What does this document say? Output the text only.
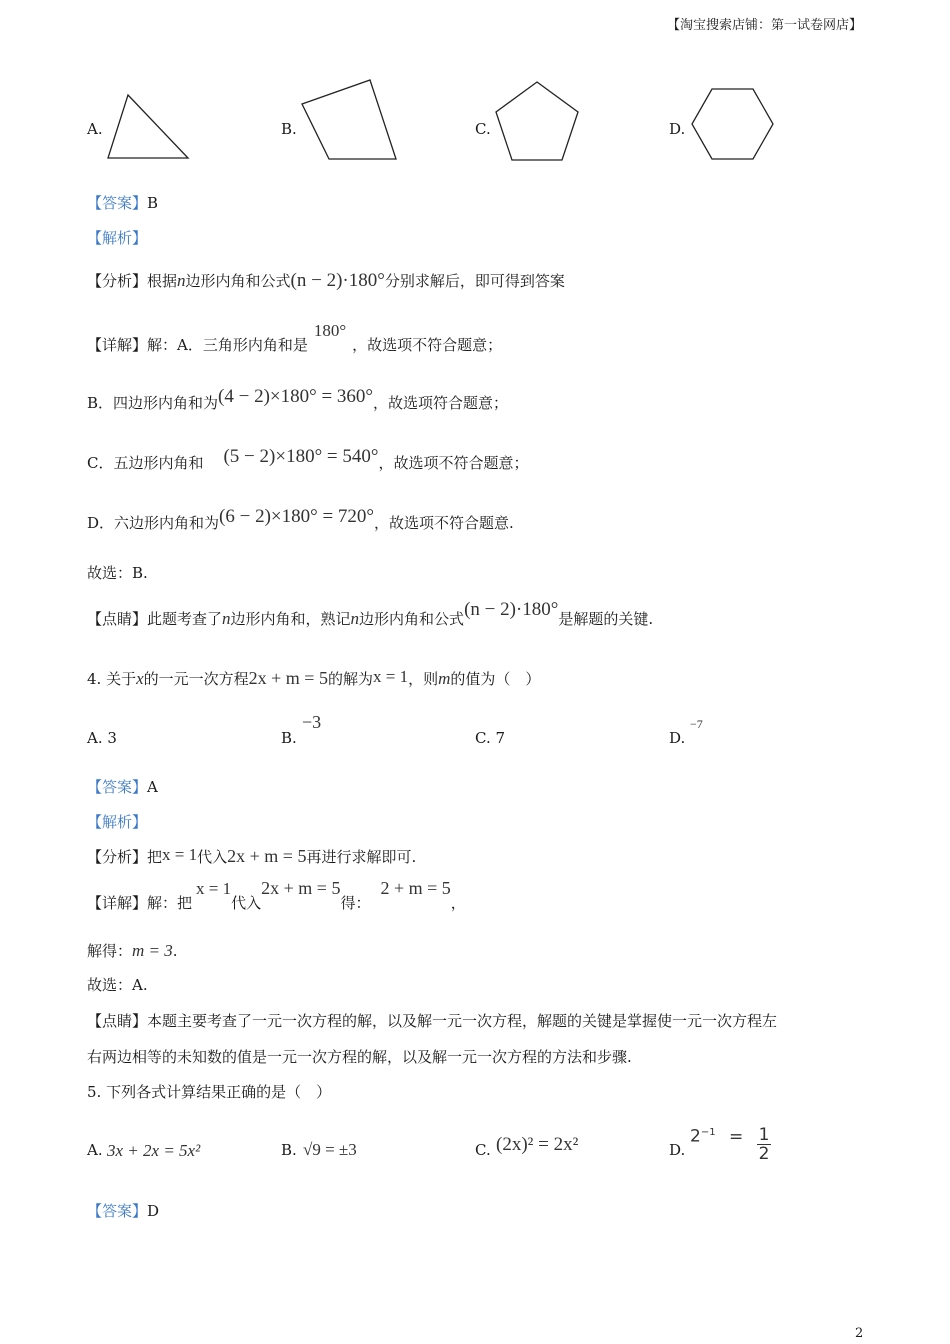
【淘宝搜索店铺：第一试卷网店】
A.	B.	C.	D.
【答案】B
【解析】
【分析】根据n边形内角和公式(n − 2)·180°分别求解后，即可得到答案
【详解】解：A．三角形内角和是180°，故选项不符合题意；
B．四边形内角和为(4 − 2)×180° = 360°，故选项符合题意；
C．五边形内角和 (5 − 2)×180° = 540°，故选项不符合题意；
D．六边形内角和为(6 − 2)×180° = 720°，故选项不符合题意.
故选：B.
【点睛】此题考查了n边形内角和，熟记n边形内角和公式(n − 2)·180°是解题的关键.
4. 关于x的一元一次方程2x + m = 5的解为x = 1，则m的值为（　）
A. 3	B.
−3
C. 7	D.
−7
【答案】A
【解析】
【分析】把x = 1代入2x + m = 5再进行求解即可.
【详解】解：把x = 1代入2x + m = 5得：2 + m = 5，
解得：m = 3.
故选：A.
【点睛】本题主要考查了一元一次方程的解，以及解一元一次方程，解题的关键是掌握使一元一次方程左
右两边相等的未知数的值是一元一次方程的解，以及解一元一次方程的方法和步骤.
5. 下列各式计算结果正确的是（　）
A. 3x + 2x = 5x²	B. √9 = ±3	C. (2x)² = 2x²	D.
$2^{-1} = \frac{1}{2}$
【答案】D
2
